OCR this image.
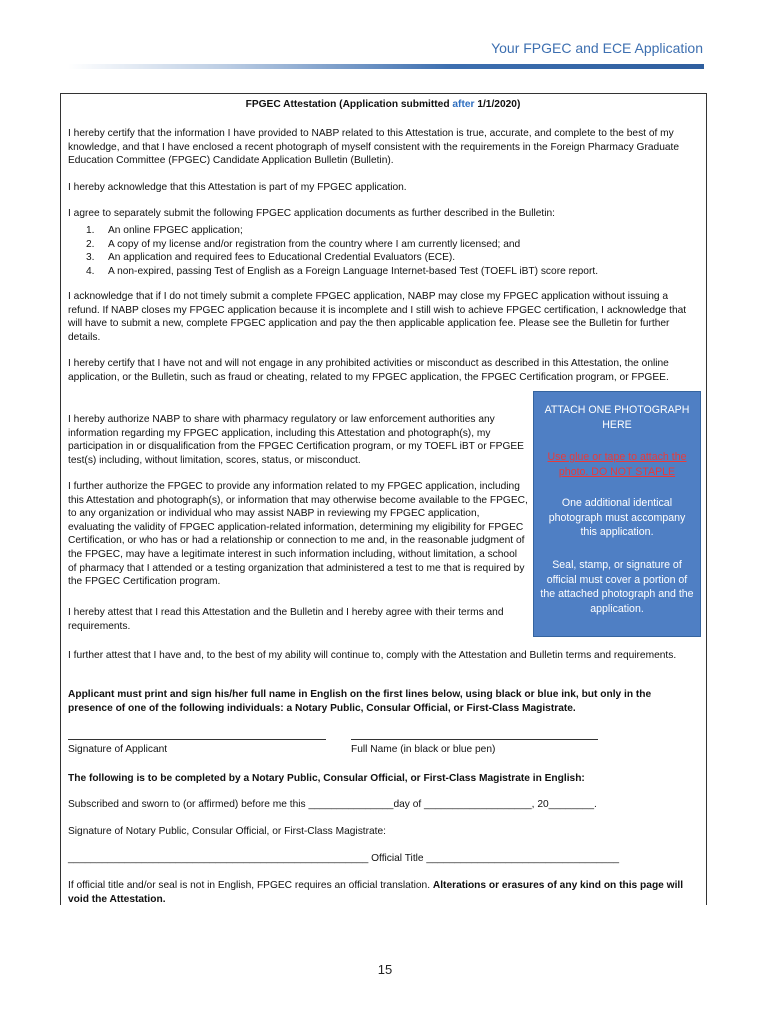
Your FPGEC and ECE Application
FPGEC Attestation (Application submitted after 1/1/2020)

I hereby certify that the information I have provided to NABP related to this Attestation is true, accurate, and complete to the best of my knowledge, and that I have enclosed a recent photograph of myself consistent with the requirements in the Foreign Pharmacy Graduate Education Committee (FPGEC) Candidate Application Bulletin (Bulletin).

I hereby acknowledge that this Attestation is part of my FPGEC application.

I agree to separately submit the following FPGEC application documents as further described in the Bulletin:

1. An online FPGEC application;
2. A copy of my license and/or registration from the country where I am currently licensed; and
3. An application and required fees to Educational Credential Evaluators (ECE).
4. A non-expired, passing Test of English as a Foreign Language Internet-based Test (TOEFL iBT) score report.

I acknowledge that if I do not timely submit a complete FPGEC application, NABP may close my FPGEC application without issuing a refund. If NABP closes my FPGEC application because it is incomplete and I still wish to achieve FPGEC certification, I acknowledge that will have to submit a new, complete FPGEC application and pay the then applicable application fee. Please see the Bulletin for further details.

I hereby certify that I have not and will not engage in any prohibited activities or misconduct as described in this Attestation, the online application, or the Bulletin, such as fraud or cheating, related to my FPGEC application, the FPGEC Certification program, or FPGEE.

I hereby authorize NABP to share with pharmacy regulatory or law enforcement authorities any information regarding my FPGEC application, including this Attestation and photograph(s), my participation in or disqualification from the FPGEC Certification program, or my TOEFL iBT or FPGEE test(s) including, without limitation, scores, status, or misconduct.

I further authorize the FPGEC to provide any information related to my FPGEC application, including this Attestation and photograph(s), or information that may otherwise become available to the FPGEC, to any organization or individual who may assist NABP in reviewing my FPGEC application, evaluating the validity of FPGEC application-related information, determining my eligibility for FPGEC Certification, or who has or had a relationship or connection to me and, in the reasonable judgment of the FPGEC, may have a legitimate interest in such information including, without limitation, a school of pharmacy that I attended or a testing organization that administered a test to me that is required by the FPGEC Certification program.

I hereby attest that I read this Attestation and the Bulletin and I hereby agree with their terms and requirements.

I further attest that I have and, to the best of my ability will continue to, comply with the Attestation and Bulletin terms and requirements.

Applicant must print and sign his/her full name in English on the first lines below, using black or blue ink, but only in the presence of one of the following individuals: a Notary Public, Consular Official, or First-Class Magistrate.

Signature of Applicant	Full Name (in black or blue pen)

The following is to be completed by a Notary Public, Consular Official, or First-Class Magistrate in English:

Subscribed and sworn to (or affirmed) before me this _______________day of ___________________, 20________.

Signature of Notary Public, Consular Official, or First-Class Magistrate:

_____________________________________________________ Official Title __________________________________

If official title and/or seal is not in English, FPGEC requires an official translation. Alterations or erasures of any kind on this page will void the Attestation.

ATTACH ONE PHOTOGRAPH HERE
Use glue or tape to attach the photo. DO NOT STAPLE
One additional identical photograph must accompany this application.
Seal, stamp, or signature of official must cover a portion of the attached photograph and the application.
15
